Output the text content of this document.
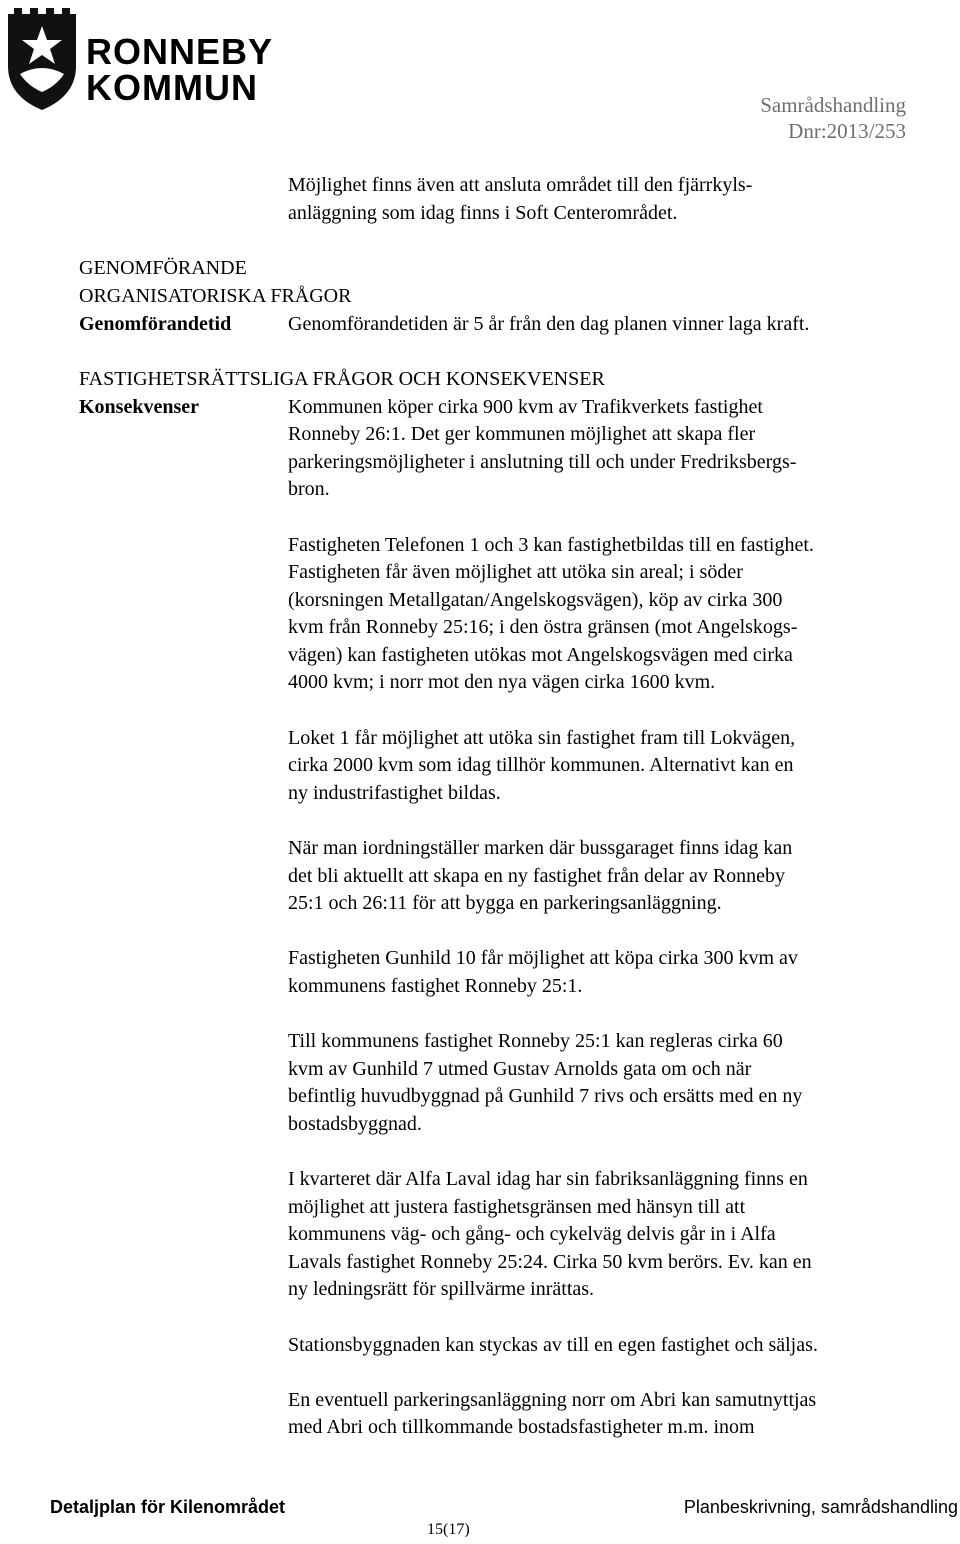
RONNEBY
KOMMUN	Samrådshandling
Dnr:2013/253
Möjlighet finns även att ansluta området till den fjärrkyls-
anläggning som idag finns i Soft Centerområdet.
GENOMFÖRANDE
ORGANISATORISKA FRÅGOR
Genomförandetid	Genomförandetiden är 5 år från den dag planen vinner laga kraft.
FASTIGHETSRÄTTSLIGA FRÅGOR OCH KONSEKVENSER
Konsekvenser	Kommunen köper cirka 900 kvm av Trafikverkets fastighet
Ronneby 26:1. Det ger kommunen möjlighet att skapa fler
parkeringsmöjligheter i anslutning till och under Fredriksbergs-
bron.
Fastigheten Telefonen 1 och 3 kan fastighetbildas till en fastighet.
Fastigheten får även möjlighet att utöka sin areal; i söder
(korsningen Metallgatan/Angelskogsvägen), köp av cirka 300
kvm från Ronneby 25:16; i den östra gränsen (mot Angelskogs-
vägen) kan fastigheten utökas mot Angelskogsvägen med cirka
4000 kvm; i norr mot den nya vägen cirka 1600 kvm.
Loket 1 får möjlighet att utöka sin fastighet fram till Lokvägen,
cirka 2000 kvm som idag tillhör kommunen. Alternativt kan en
ny industrifastighet bildas.
När man iordningställer marken där bussgaraget finns idag kan
det bli aktuellt att skapa en ny fastighet från delar av Ronneby
25:1 och 26:11 för att bygga en parkeringsanläggning.
Fastigheten Gunhild 10 får möjlighet att köpa cirka 300 kvm av
kommunens fastighet Ronneby 25:1.
Till kommunens fastighet Ronneby 25:1 kan regleras cirka 60
kvm av Gunhild 7 utmed Gustav Arnolds gata om och när
befintlig huvudbyggnad på Gunhild 7 rivs och ersätts med en ny
bostadsbyggnad.
I kvarteret där Alfa Laval idag har sin fabriksanläggning finns en
möjlighet att justera fastighetsgränsen med hänsyn till att
kommunens väg- och gång- och cykelväg delvis går in i Alfa
Lavals fastighet Ronneby 25:24. Cirka 50 kvm berörs. Ev. kan en
ny ledningsrätt för spillvärme inrättas.
Stationsbyggnaden kan styckas av till en egen fastighet och säljas.
En eventuell parkeringsanläggning norr om Abri kan samutnyttjas
med Abri och tillkommande bostadsfastigheter m.m. inom
Detaljplan för Kilenområdet	Planbeskrivning, samrådshandling
15(17)
